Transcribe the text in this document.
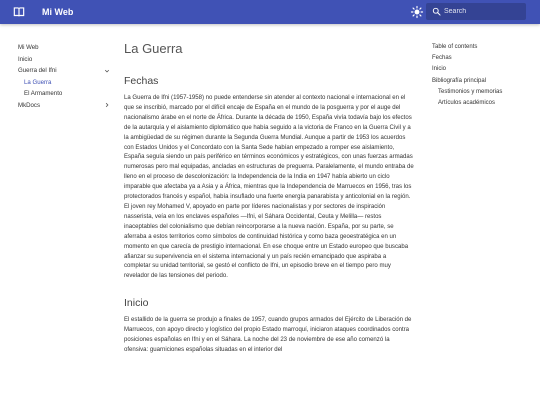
Mi Web
Search
Mi Web
Inicio
Guerra del Ifni
La Guerra
El Armamento
MkDocs
La Guerra
Fechas

La Guerra de Ifni (1957-1958) no puede entenderse sin atender al contexto nacional e internacional en el que se inscribió, marcado por el difícil encaje de España en el mundo de la posguerra y por el auge del nacionalismo árabe en el norte de África. Durante la década de 1950, España vivía todavía bajo los efectos de la autarquía y el aislamiento diplomático que había seguido a la victoria de Franco en la Guerra Civil y a la ambigüedad de su régimen durante la Segunda Guerra Mundial. Aunque a partir de 1953 los acuerdos con Estados Unidos y el Concordato con la Santa Sede habían empezado a romper ese aislamiento, España seguía siendo un país periférico en términos económicos y estratégicos, con unas fuerzas armadas numerosas pero mal equipadas, ancladas en estructuras de preguerra. Paralelamente, el mundo entraba de lleno en el proceso de descolonización: la Independencia de la India en 1947 había abierto un ciclo imparable que afectaba ya a Asia y a África, mientras que la Independencia de Marruecos en 1956, tras los protectorados francés y español, había insuflado una fuerte energía panarabista y anticolonial en la región. El joven rey Mohamed V, apoyado en parte por líderes nacionalistas y por sectores de inspiración nasserista, veía en los enclaves españoles —Ifni, el Sáhara Occidental, Ceuta y Melilla— restos inaceptables del colonialismo que debían reincorporarse a la nueva nación. España, por su parte, se aferraba a estos territorios como símbolos de continuidad histórica y como baza geoestratégica en un momento en que carecía de prestigio internacional. En ese choque entre un Estado europeo que buscaba afianzar su supervivencia en el sistema internacional y un país recién emancipado que aspiraba a completar su unidad territorial, se gestó el conflicto de Ifni, un episodio breve en el tiempo pero muy revelador de las tensiones del periodo.

Inicio

El estallido de la guerra se produjo a finales de 1957, cuando grupos armados del Ejército de Liberación de Marruecos, con apoyo directo y logístico del propio Estado marroquí, iniciaron ataques coordinados contra posiciones españolas en Ifni y en el Sáhara. La noche del 23 de noviembre de ese año comenzó la ofensiva: guarniciones españolas situadas en el interior del

Table of contents
Fechas
Inicio
Bibliografía principal
Testimonios y memorias
Artículos académicos
